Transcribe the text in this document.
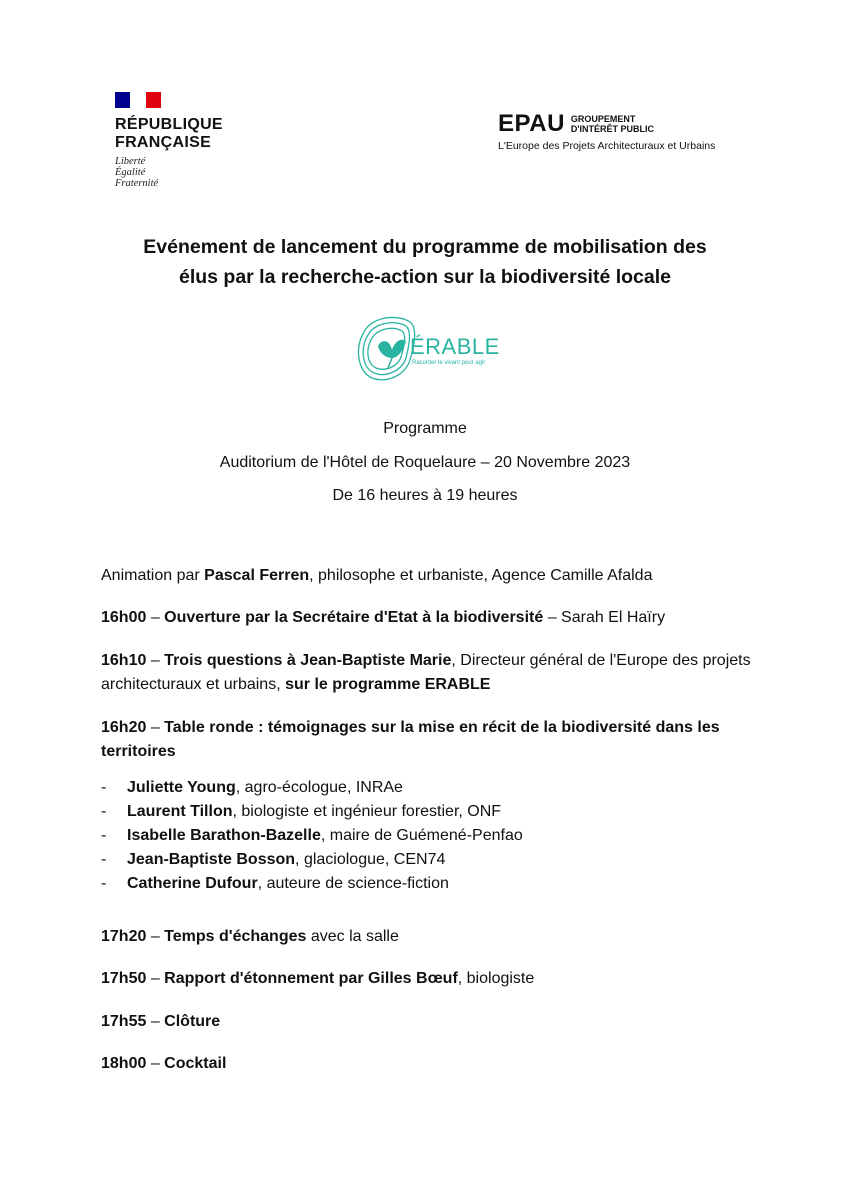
RÉPUBLIQUE
FRANÇAISE
Liberté
Égalité
Fraternité
EPAU GROUPEMENT
D'INTÉRÊT PUBLIC
L'Europe des Projets Architecturaux et Urbains
Evénement de lancement du programme de mobilisation des
élus par la recherche-action sur la biodiversité locale
ÉRABLE
Raconter le vivant pour agir
Programme
Auditorium de l'Hôtel de Roquelaure – 20 Novembre 2023
De 16 heures à 19 heures
Animation par Pascal Ferren, philosophe et urbaniste, Agence Camille Afalda
16h00 – Ouverture par la Secrétaire d'Etat à la biodiversité – Sarah El Haïry
16h10 – Trois questions à Jean-Baptiste Marie, Directeur général de l'Europe des projets architecturaux et urbains, sur le programme ERABLE
16h20 – Table ronde : témoignages sur la mise en récit de la biodiversité dans les territoires
-	Juliette Young, agro-écologue, INRAe
-	Laurent Tillon, biologiste et ingénieur forestier, ONF
-	Isabelle Barathon-Bazelle, maire de Guémené-Penfao
-	Jean-Baptiste Bosson, glaciologue, CEN74
-	Catherine Dufour, auteure de science-fiction
17h20 – Temps d'échanges avec la salle
17h50 – Rapport d'étonnement par Gilles Bœuf, biologiste
17h55 – Clôture
18h00 – Cocktail
